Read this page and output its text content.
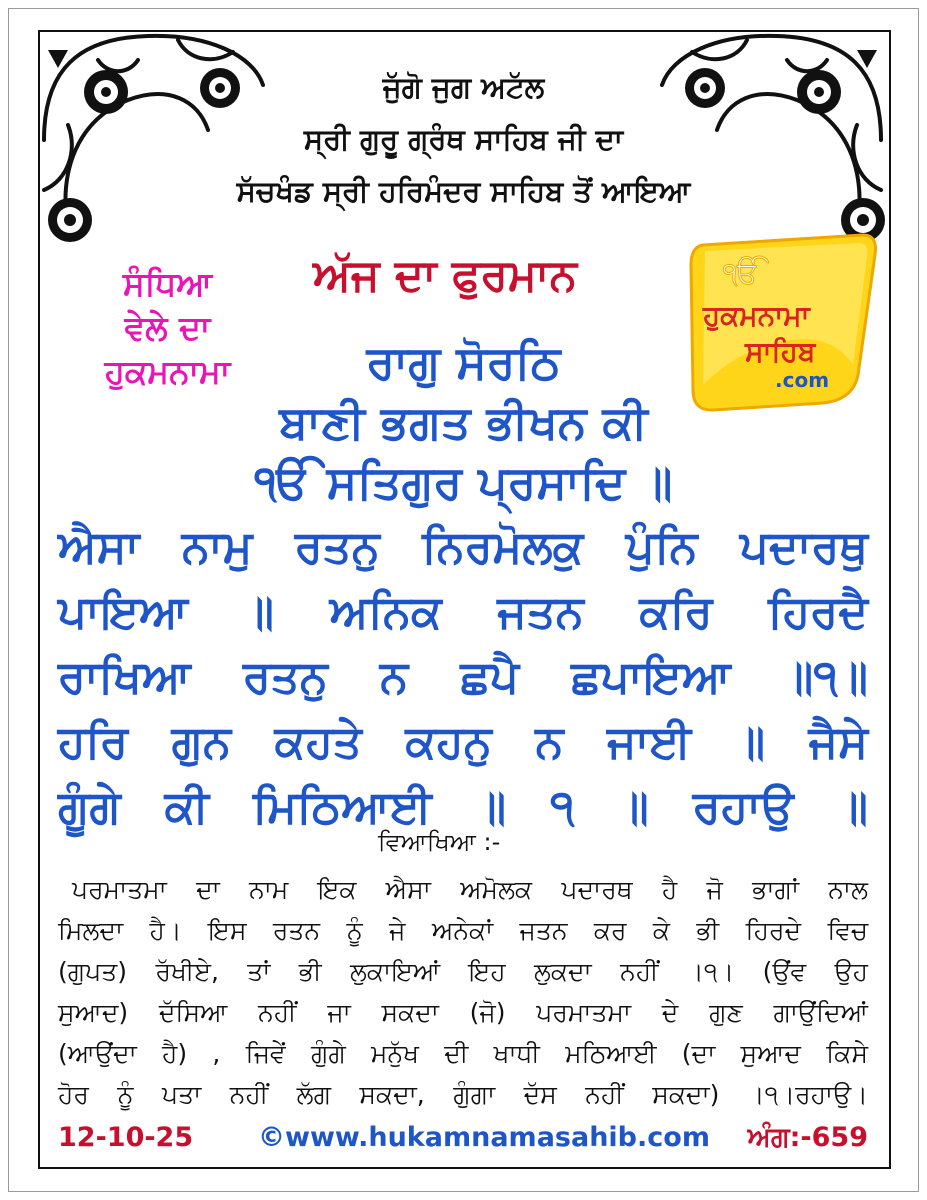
ਜੁੱਗੋ ਜੁਗ ਅਟੱਲ
ਸ੍ਰੀ ਗੁਰੂ ਗ੍ਰੰਥ ਸਾਹਿਬ ਜੀ ਦਾ
ਸੱਚਖੰਡ ਸ੍ਰੀ ਹਰਿਮੰਦਰ ਸਾਹਿਬ ਤੋਂ ਆਇਆ
ਅੱਜ ਦਾ ਫੁਰਮਾਨ
ਸੰਧਿਆ
ਵੇਲੇ ਦਾ
ਹੁਕਮਨਾਮਾ
ੴ
ਹੁਕਮਨਾਮਾ
ਸਾਹਿਬ
.com
ਰਾਗੁ ਸੋਰਠਿ
ਬਾਣੀ ਭਗਤ ਭੀਖਨ ਕੀ
ੴ ਸਤਿਗੁਰ ਪ੍ਰਸਾਦਿ ॥
ਐਸਾ ਨਾਮੁ ਰਤਨੁ ਨਿਰਮੋਲਕੁ ਪੁੰਨਿ ਪਦਾਰਥੁ
ਪਾਇਆ ॥ ਅਨਿਕ ਜਤਨ ਕਰਿ ਹਿਰਦੈ
ਰਾਖਿਆ ਰਤਨੁ ਨ ਛਪੈ ਛਪਾਇਆ ॥੧॥
ਹਰਿ ਗੁਨ ਕਹਤੇ ਕਹਨੁ ਨ ਜਾਈ ॥ ਜੈਸੇ
ਗੂੰਗੇ ਕੀ ਮਿਠਿਆਈ ॥ ੧ ॥ ਰਹਾਉ ॥
ਵਿਆਖਿਆ :-
ਪਰਮਾਤਮਾ ਦਾ ਨਾਮ ਇਕ ਐਸਾ ਅਮੋਲਕ ਪਦਾਰਥ ਹੈ ਜੋ ਭਾਗਾਂ ਨਾਲ
ਮਿਲਦਾ ਹੈ। ਇਸ ਰਤਨ ਨੂੰ ਜੇ ਅਨੇਕਾਂ ਜਤਨ ਕਰ ਕੇ ਭੀ ਹਿਰਦੇ ਵਿਚ
(ਗੁਪਤ) ਰੱਖੀਏ, ਤਾਂ ਭੀ ਲੁਕਾਇਆਂ ਇਹ ਲੁਕਦਾ ਨਹੀਂ ।੧। (ਉਂਵ ਉਹ
ਸੁਆਦ) ਦੱਸਿਆ ਨਹੀਂ ਜਾ ਸਕਦਾ (ਜੋ) ਪਰਮਾਤਮਾ ਦੇ ਗੁਣ ਗਾਉਂਦਿਆਂ
(ਆਉਂਦਾ ਹੈ) , ਜਿਵੇਂ ਗੁੰਗੇ ਮਨੁੱਖ ਦੀ ਖਾਧੀ ਮਠਿਆਈ (ਦਾ ਸੁਆਦ ਕਿਸੇ
ਹੋਰ ਨੂੰ ਪਤਾ ਨਹੀਂ ਲੱਗ ਸਕਦਾ, ਗੁੰਗਾ ਦੱਸ ਨਹੀਂ ਸਕਦਾ) ।੧।ਰਹਾਉ।
12-10-25 ©www.hukamnamasahib.com ਅੰਗ:-659
